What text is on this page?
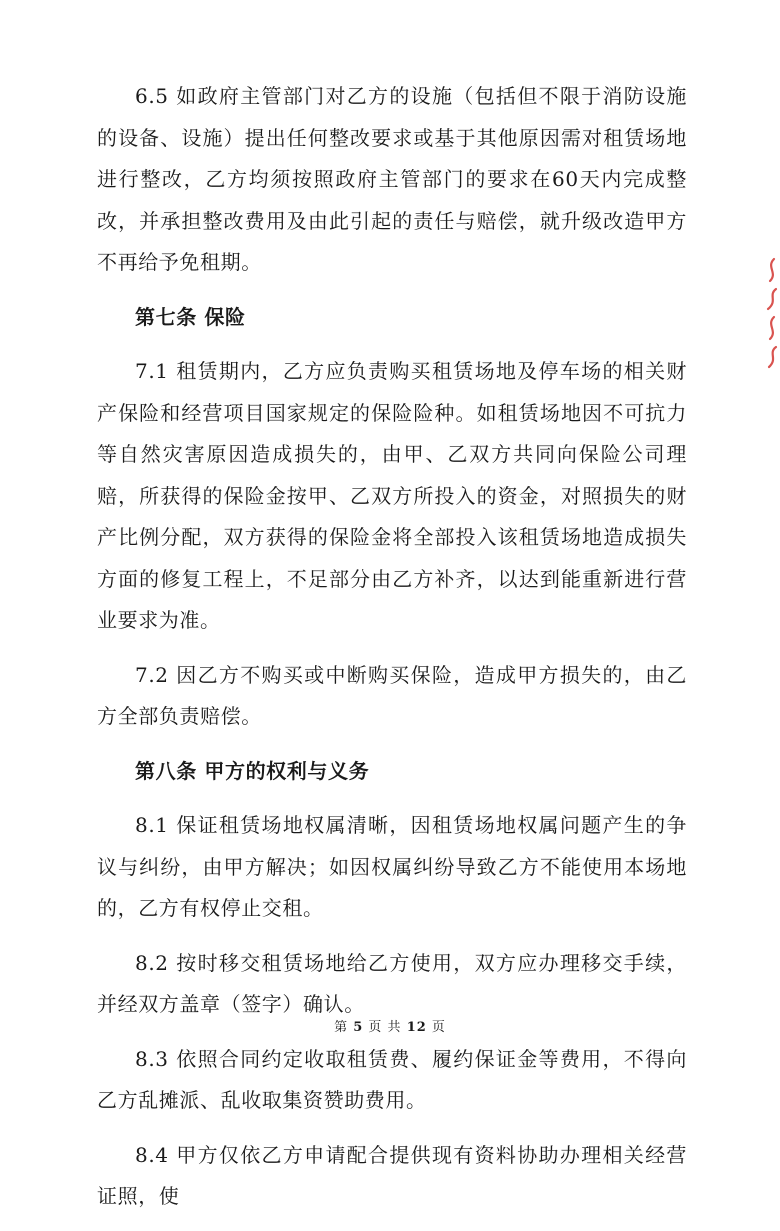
6.5 如政府主管部门对乙方的设施（包括但不限于消防设施的设备、设施）提出任何整改要求或基于其他原因需对租赁场地进行整改，乙方均须按照政府主管部门的要求在60天内完成整改，并承担整改费用及由此引起的责任与赔偿，就升级改造甲方不再给予免租期。

第七条 保险

7.1 租赁期内，乙方应负责购买租赁场地及停车场的相关财产保险和经营项目国家规定的保险险种。如租赁场地因不可抗力等自然灾害原因造成损失的，由甲、乙双方共同向保险公司理赔，所获得的保险金按甲、乙双方所投入的资金，对照损失的财产比例分配，双方获得的保险金将全部投入该租赁场地造成损失方面的修复工程上，不足部分由乙方补齐，以达到能重新进行营业要求为准。

7.2 因乙方不购买或中断购买保险，造成甲方损失的，由乙方全部负责赔偿。

第八条 甲方的权利与义务

8.1 保证租赁场地权属清晰，因租赁场地权属问题产生的争议与纠纷，由甲方解决；如因权属纠纷导致乙方不能使用本场地的，乙方有权停止交租。

8.2 按时移交租赁场地给乙方使用，双方应办理移交手续，并经双方盖章（签字）确认。

8.3 依照合同约定收取租赁费、履约保证金等费用，不得向乙方乱摊派、乱收取集资赞助费用。

8.4 甲方仅依乙方申请配合提供现有资料协助办理相关经营证照，使

第 5 页 共 12 页
